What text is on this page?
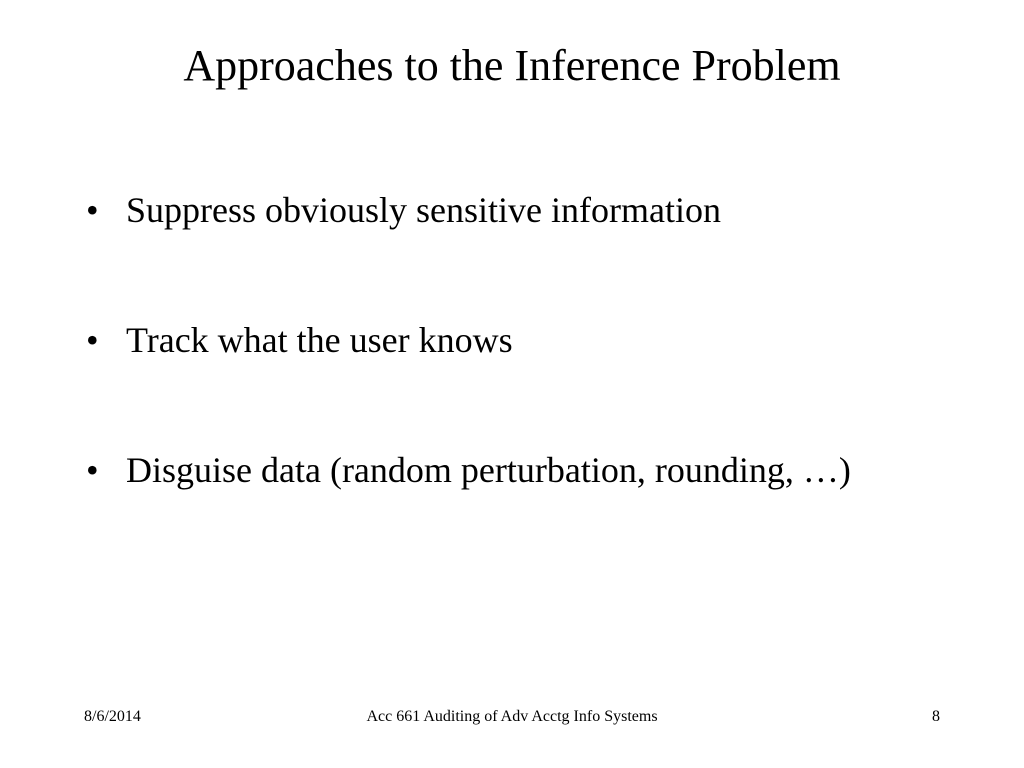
Approaches to the Inference Problem
• Suppress obviously sensitive information
• Track what the user knows
• Disguise data (random perturbation, rounding, …)
8/6/2014	Acc 661 Auditing of Adv Acctg Info Systems	8
